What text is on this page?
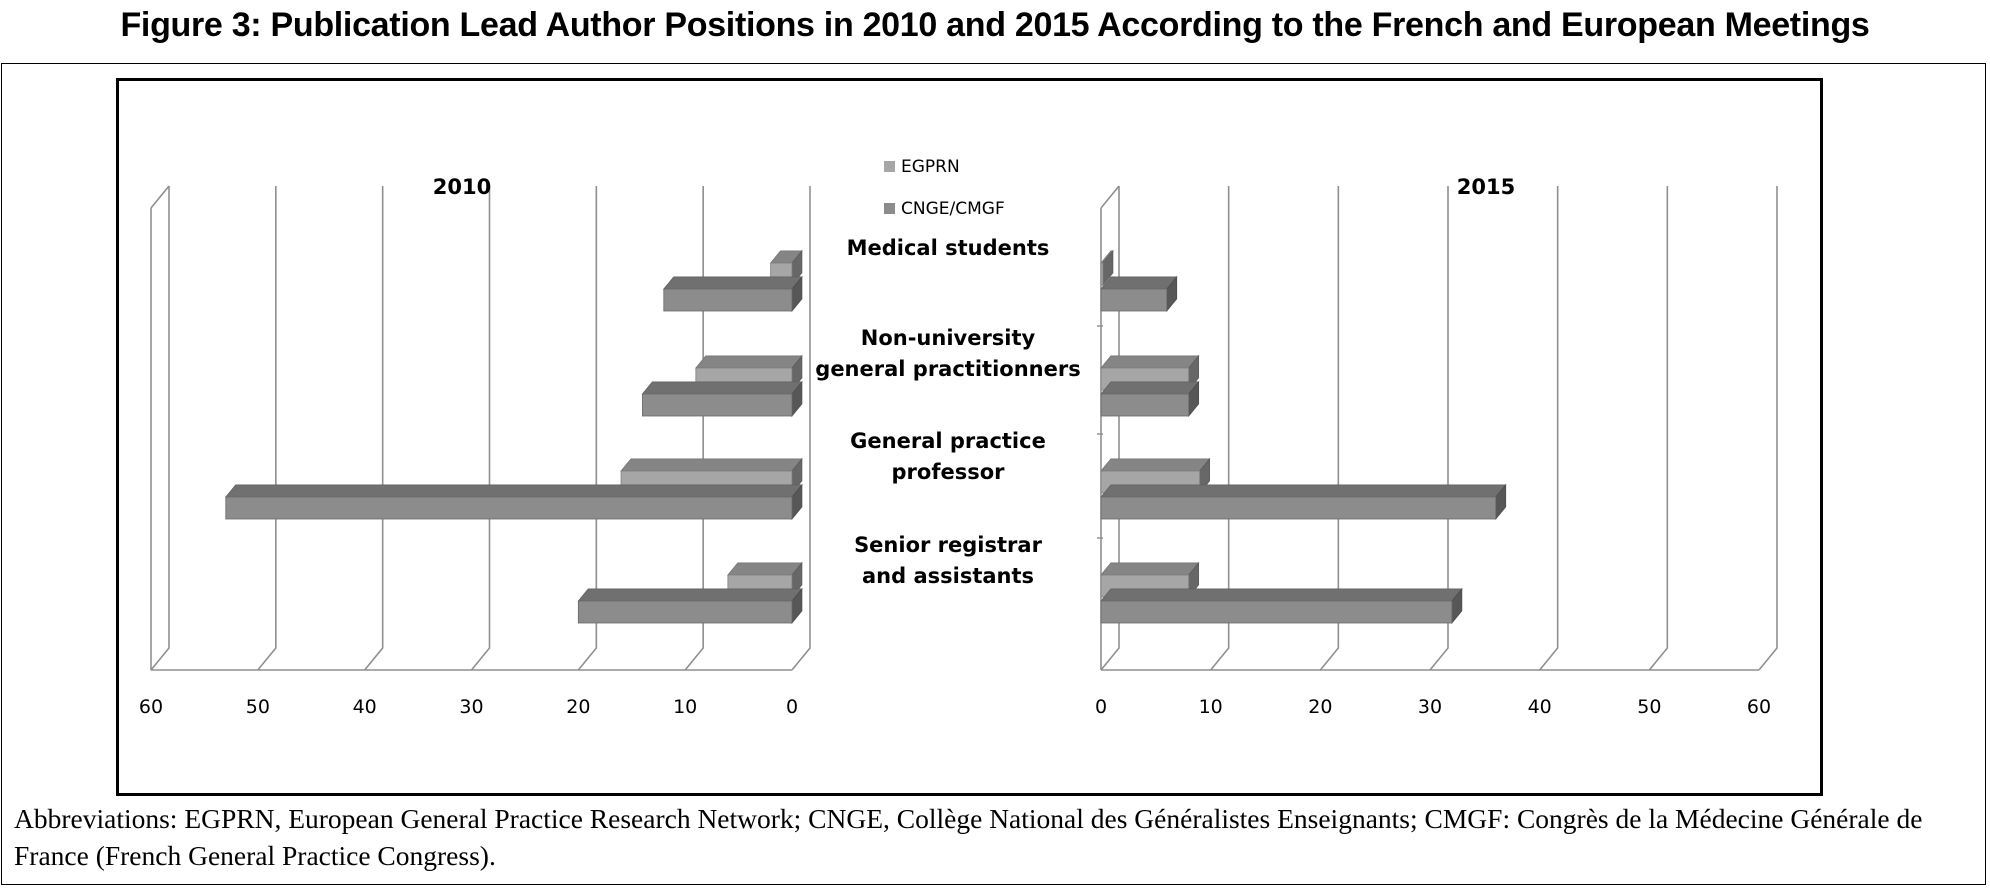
Figure 3: Publication Lead Author Positions in 2010 and 2015 According to the French and European Meetings
0
10
20
30
40
50
60
2010
0	10	20	30	40	50	60
2015
Medical students
Non-university general practitionners
General practice professor
Senior registrar and assistants
EGPRN
CNGE/CMGF
Abbreviations: EGPRN, European General Practice Research Network; CNGE, Collège National des Généralistes Enseignants; CMGF: Congrès de la Médecine Générale de France (French General Practice Congress).
